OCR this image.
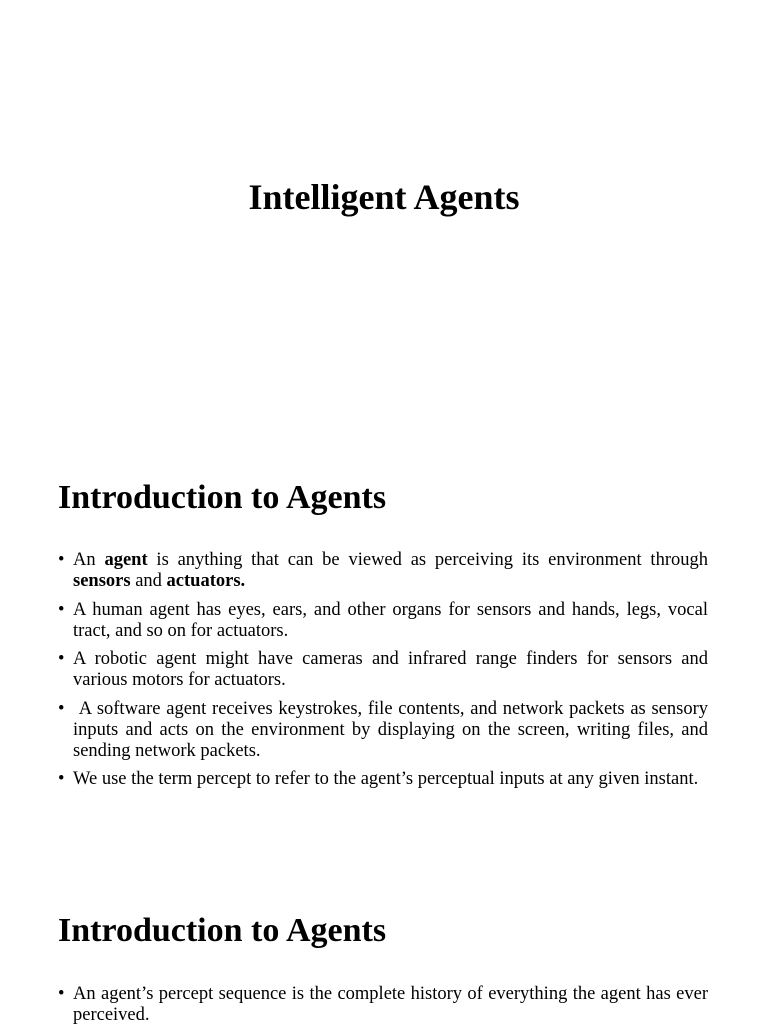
Intelligent Agents
Introduction to Agents
• An agent is anything that can be viewed as perceiving its environment through sensors and actuators.
• A human agent has eyes, ears, and other organs for sensors and hands, legs, vocal tract, and so on for actuators.
• A robotic agent might have cameras and infrared range finders for sensors and various motors for actuators.
•  A software agent receives keystrokes, file contents, and network packets as sensory inputs and acts on the environment by displaying on the screen, writing files, and sending network packets.
• We use the term percept to refer to the agent’s perceptual inputs at any given instant.
Introduction to Agents
• An agent’s percept sequence is the complete history of everything the agent has ever perceived.
